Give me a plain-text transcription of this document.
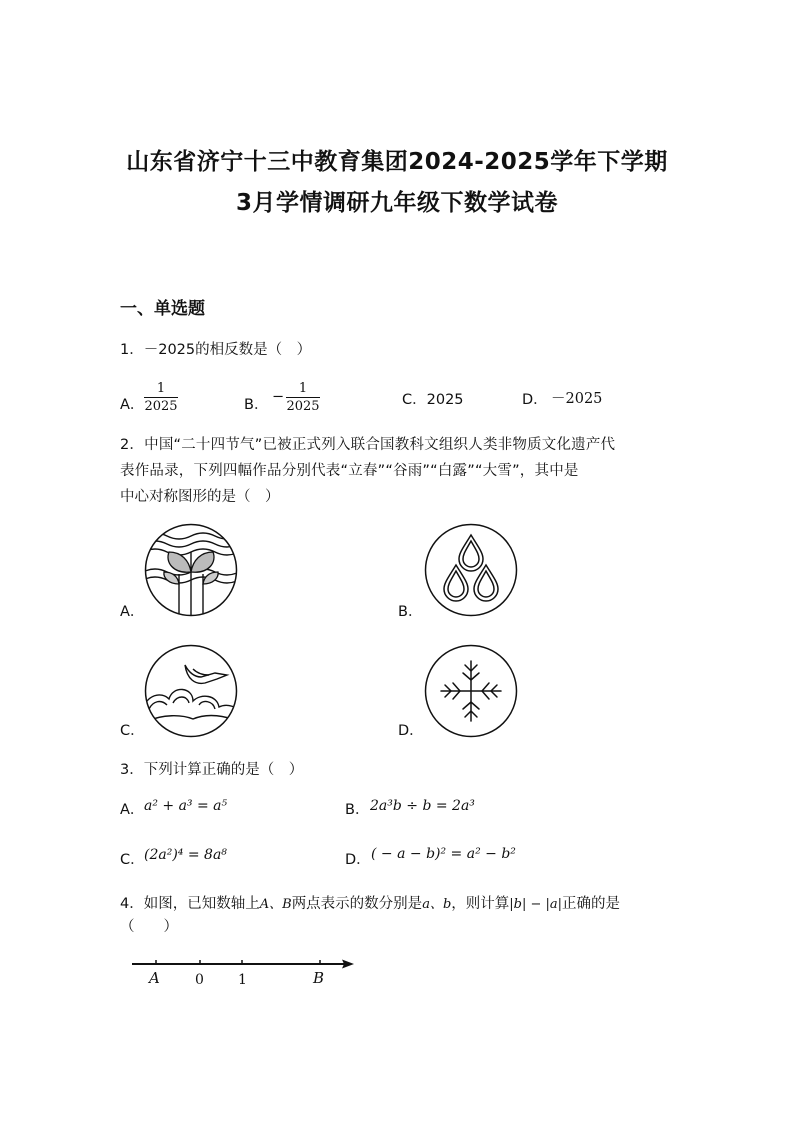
山东省济宁十三中教育集团2024-2025学年下学期
3月学情调研九年级下数学试卷
一、单选题
1．－2025的相反数是（　）
A．
1
2025	B． −
1
2025	C．2025	D． －2025
2．中国“二十四节气”已被正式列入联合国教科文组织人类非物质文化遗产代
表作品录，下列四幅作品分别代表“立春”“谷雨”“白露”“大雪”，其中是
中心对称图形的是（　）
A．	B．
C．	D．
3．下列计算正确的是（　）
A． a² + a³ = a⁵	B． 2a³b ÷ b = 2a³
C． (2a²)⁴ = 8a⁸	D． ( − a − b)² = a² − b²
4．如图，已知数轴上A、B两点表示的数分别是a、b，则计算|b| − |a|正确的是
（　　）
A	0 1	B
